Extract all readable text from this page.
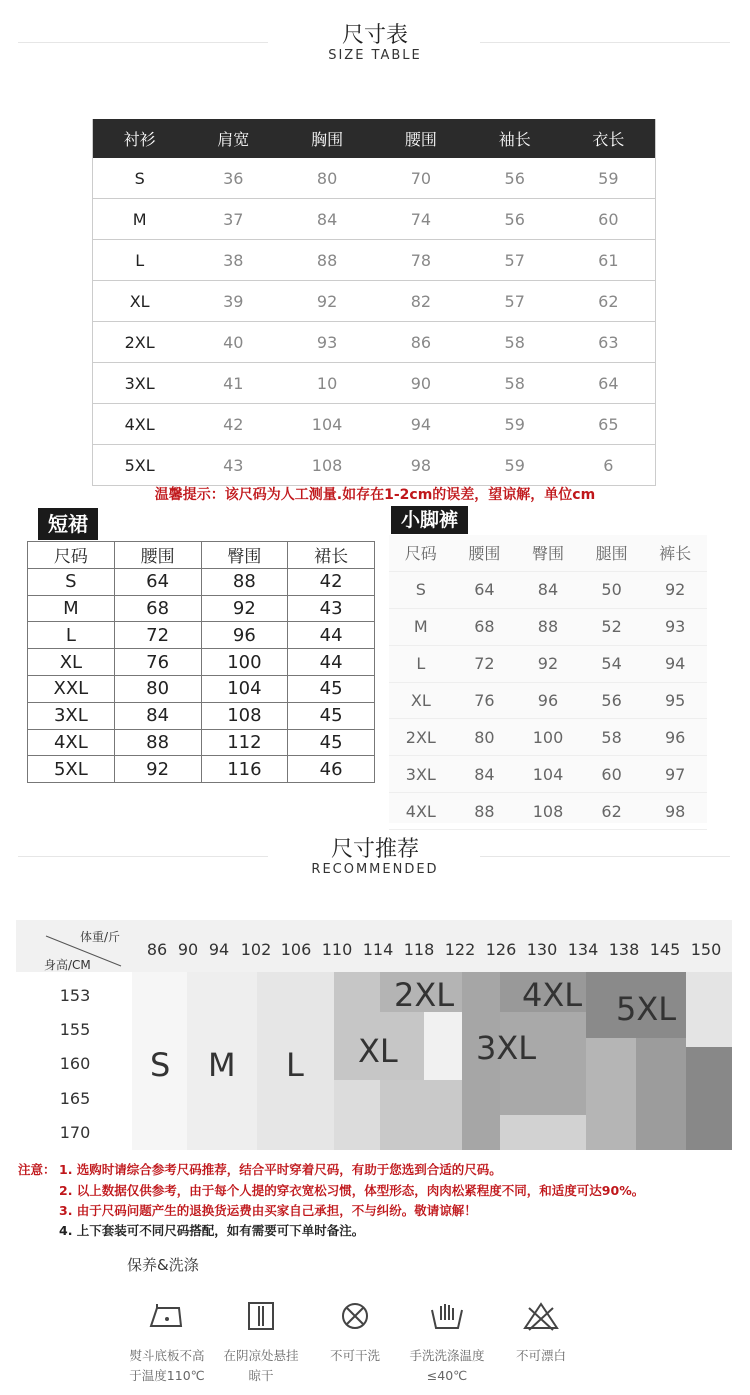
尺寸表
SIZE TABLE
衬衫	肩宽	胸围	腰围	袖长	衣长
S	36	80	70	56	59
M	37	84	74	56	60
L	38	88	78	57	61
XL	39	92	82	57	62
2XL	40	93	86	58	63
3XL	41	10	90	58	64
4XL	42	104	94	59	65
5XL	43	108	98	59	6
温馨提示：该尺码为人工测量.如存在1-2cm的误差，望谅解，单位cm
短裙
尺码	腰围	臀围	裙长
S	64	88	42
M	68	92	43
L	72	96	44
XL	76	100	44
XXL	80	104	45
3XL	84	108	45
4XL	88	112	45
5XL	92	116	46
小脚裤
尺码	腰围	臀围	腿围	裤长
S	64	84	50	92
M	68	88	52	93
L	72	92	54	94
XL	76	96	56	95
2XL	80	100	58	96
3XL	84	104	60	97
4XL	88	108	62	98
尺寸推荐
RECOMMENDED
体重/斤
身高/CM
86 90 94 102 106 110 114 118 122 126 130 134 138 145 150
153
155
160
165
170
S M L XL
2XL
3XL
4XL 5XL
注意： 1. 选购时请综合参考尺码推荐，结合平时穿着尺码，有助于您选到合适的尺码。
2. 以上数据仅供参考，由于每个人提的穿衣宽松习惯，体型形态，肉肉松紧程度不同，和适度可达90%。
3. 由于尺码问题产生的退换货运费由买家自己承担，不与纠纷。敬请谅解！
4. 上下套装可不同尺码搭配，如有需要可下单时备注。
保养&洗涤
熨斗底板不高
于温度110℃
在阴凉处悬挂
晾干
不可干洗	手洗洗涤温度
≤40℃
不可漂白
